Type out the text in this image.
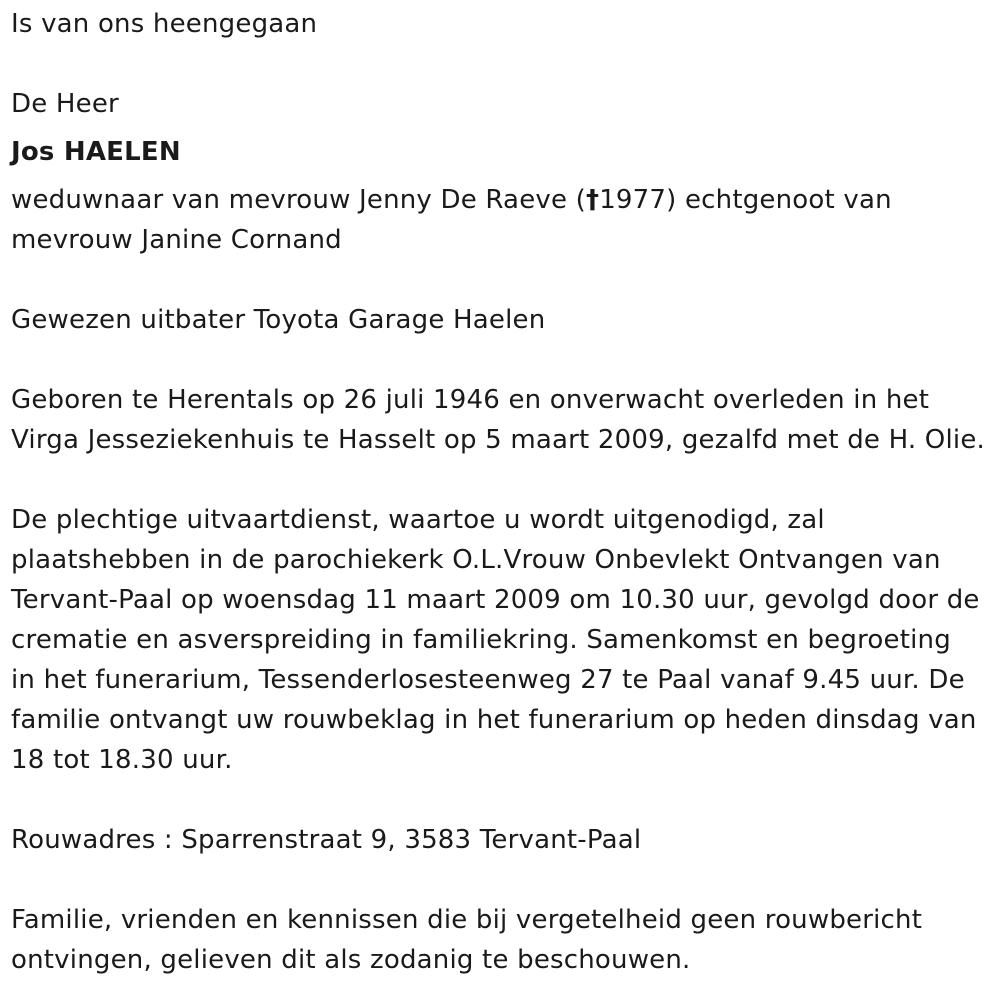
Is van ons heengegaan

De Heer

Jos HAELEN

weduwnaar van mevrouw Jenny De Raeve (†1977) echtgenoot van

mevrouw Janine Cornand

Gewezen uitbater Toyota Garage Haelen

Geboren te Herentals op 26 juli 1946 en onverwacht overleden in het

Virga Jesseziekenhuis te Hasselt op 5 maart 2009, gezalfd met de H. Olie.

De plechtige uitvaartdienst, waartoe u wordt uitgenodigd, zal

plaatshebben in de parochiekerk O.L.Vrouw Onbevlekt Ontvangen van

Tervant-Paal op woensdag 11 maart 2009 om 10.30 uur, gevolgd door de

crematie en asverspreiding in familiekring. Samenkomst en begroeting

in het funerarium, Tessenderlosesteenweg 27 te Paal vanaf 9.45 uur. De

familie ontvangt uw rouwbeklag in het funerarium op heden dinsdag van

18 tot 18.30 uur.

Rouwadres : Sparrenstraat 9, 3583 Tervant-Paal

Familie, vrienden en kennissen die bij vergetelheid geen rouwbericht

ontvingen, gelieven dit als zodanig te beschouwen.
